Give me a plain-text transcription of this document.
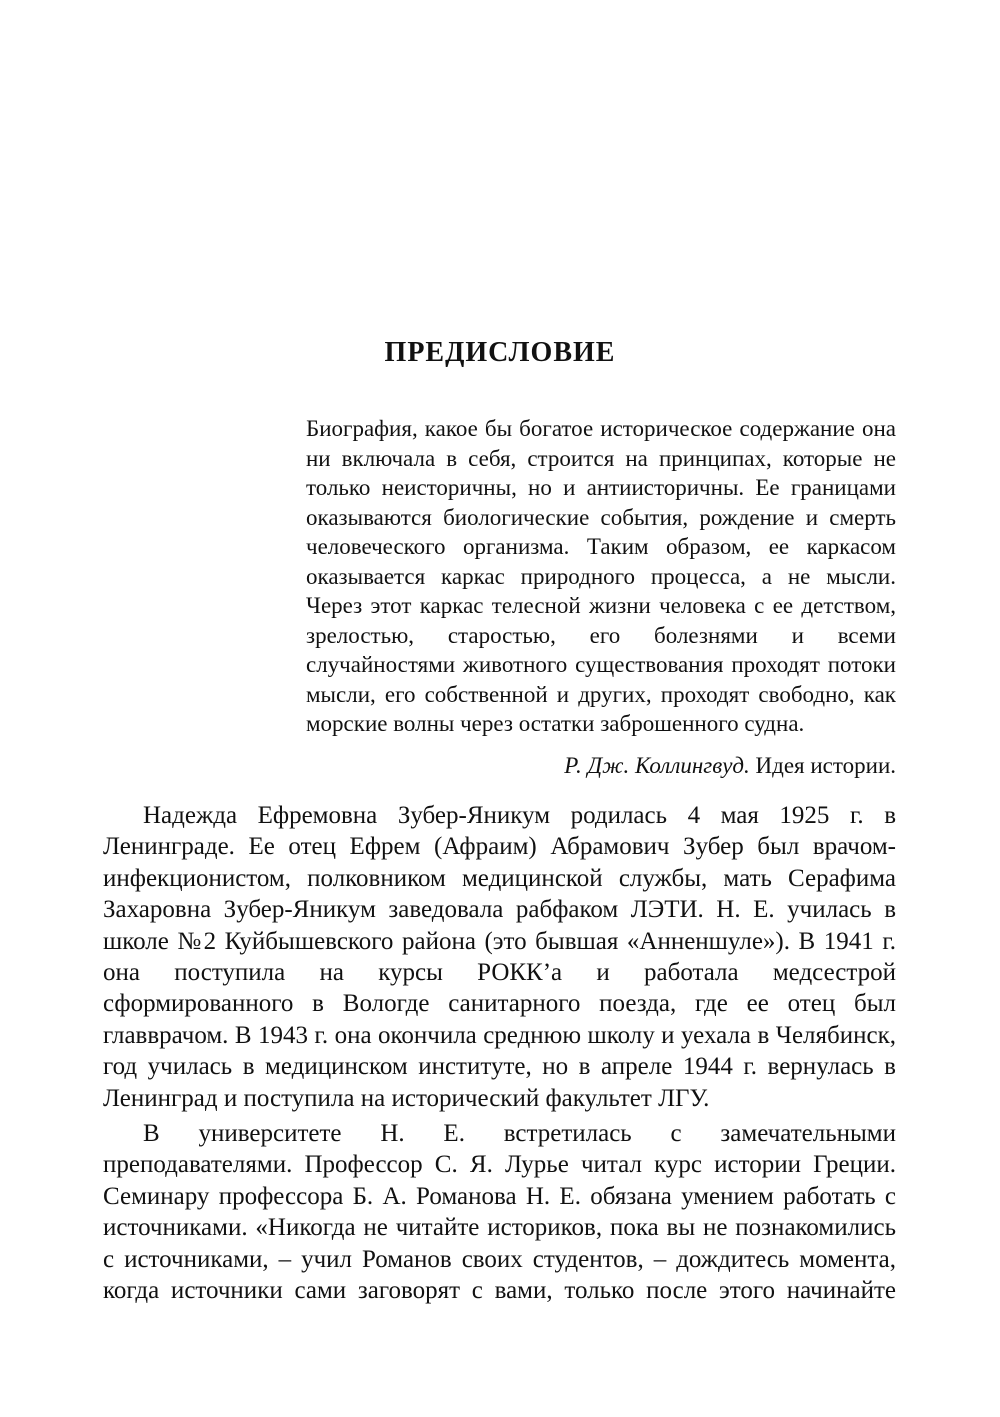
ПРЕДИСЛОВИЕ

Биография, какое бы богатое историческое содержание она ни включала в себя, строится на принципах, которые не только неисторичны, но и антиисторичны. Ее границами оказываются биологические события, рождение и смерть человеческого организма. Таким образом, ее каркасом оказывается каркас природного процесса, а не мысли. Через этот каркас телесной жизни человека с ее детством, зрелостью, старостью, его болезнями и всеми случайностями животного существования проходят потоки мысли, его собственной и других, проходят свободно, как морские волны через остатки заброшенного судна.

Р. Дж. Коллингвуд. Идея истории.

Надежда Ефремовна Зубер-Яникум родилась 4 мая 1925 г. в Ленинграде. Ее отец Ефрем (Афраим) Абрамович Зубер был врачом-инфекционистом, полковником медицинской службы, мать Серафима Захаровна Зубер-Яникум заведовала рабфаком ЛЭТИ. Н. Е. училась в школе №2 Куйбышевского района (это бывшая «Анненшуле»). В 1941 г. она поступила на курсы РОКК’а и работала медсестрой сформированного в Вологде санитарного поезда, где ее отец был главврачом. В 1943 г. она окончила среднюю школу и уехала в Челябинск, год училась в медицинском институте, но в апреле 1944 г. вернулась в Ленинград и поступила на исторический факультет ЛГУ.

В университете Н. Е. встретилась с замечательными преподавателями. Профессор С. Я. Лурье читал курс истории Греции. Семинару профессора Б. А. Романова Н. Е. обязана умением работать с источниками. «Никогда не читайте историков, пока вы не познакомились с источниками, – учил Романов своих студентов, – дождитесь момента, когда источники сами заговорят с вами, только после этого начинайте
